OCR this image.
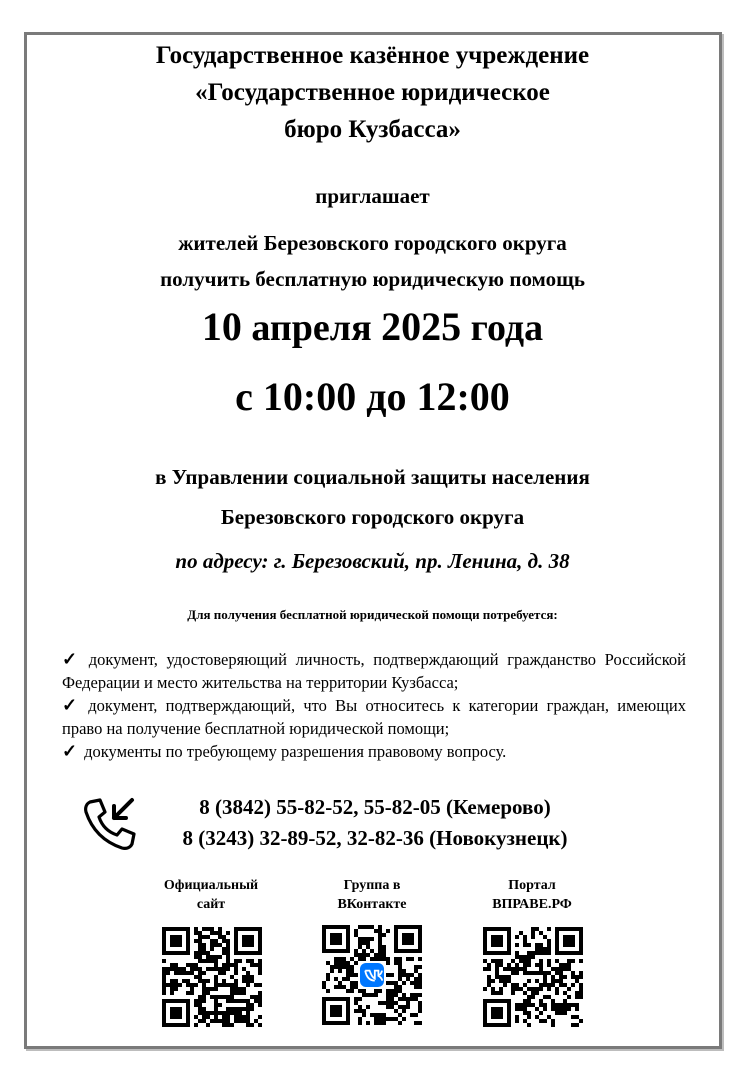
Государственное казённое учреждение
«Государственное юридическое
бюро Кузбасса»
приглашает
жителей Березовского городского округа
получить бесплатную юридическую помощь
10 апреля 2025 года
с 10:00 до 12:00
в Управлении социальной защиты населения
Березовского городского округа
по адресу: г. Березовский, пр. Ленина, д. 38
Для получения бесплатной юридической помощи потребуется:
✓ документ, удостоверяющий личность, подтверждающий гражданство Российской Федерации и место жительства на территории Кузбасса;
✓ документ, подтверждающий, что Вы относитесь к категории граждан, имеющих право на получение бесплатной юридической помощи;
✓ документы по требующему разрешения правовому вопросу.
8 (3842) 55-82-52, 55-82-05 (Кемерово)
8 (3243) 32-89-52, 32-82-36 (Новокузнецк)
Официальный
сайт
Группа в
ВКонтакте
Портал
ВПРАВЕ.РФ
